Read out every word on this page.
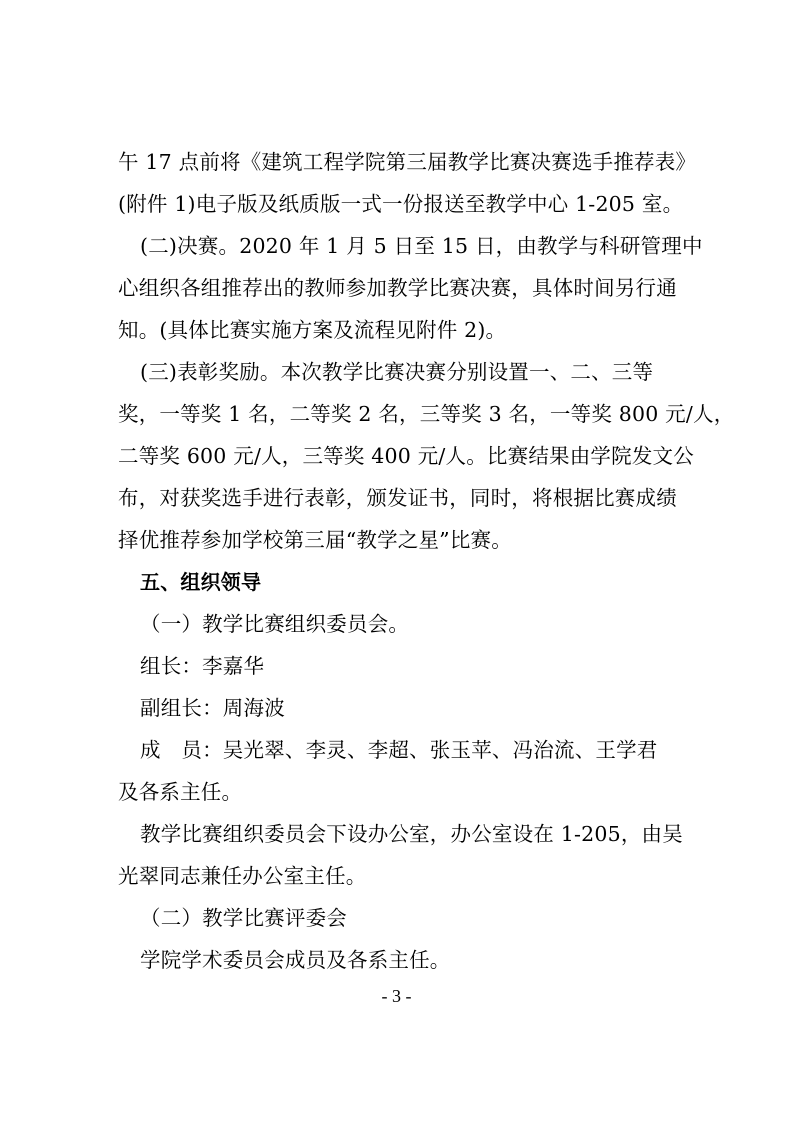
午 17 点前将《建筑工程学院第三届教学比赛决赛选手推荐表》
(附件 1)电子版及纸质版一式一份报送至教学中心 1-205 室。
(二)决赛。2020 年 1 月 5 日至 15 日，由教学与科研管理中
心组织各组推荐出的教师参加教学比赛决赛，具体时间另行通
知。(具体比赛实施方案及流程见附件 2)。
(三)表彰奖励。本次教学比赛决赛分别设置一、二、三等
奖，一等奖 1 名，二等奖 2 名，三等奖 3 名，一等奖 800 元/人，
二等奖 600 元/人，三等奖 400 元/人。比赛结果由学院发文公
布，对获奖选手进行表彰，颁发证书，同时，将根据比赛成绩
择优推荐参加学校第三届“教学之星”比赛。
五、组织领导
（一）教学比赛组织委员会。
组长：李嘉华
副组长：周海波
成　员：吴光翠、李灵、李超、张玉苹、冯治流、王学君
及各系主任。
教学比赛组织委员会下设办公室，办公室设在 1-205，由吴
光翠同志兼任办公室主任。
（二）教学比赛评委会
学院学术委员会成员及各系主任。
- 3 -
